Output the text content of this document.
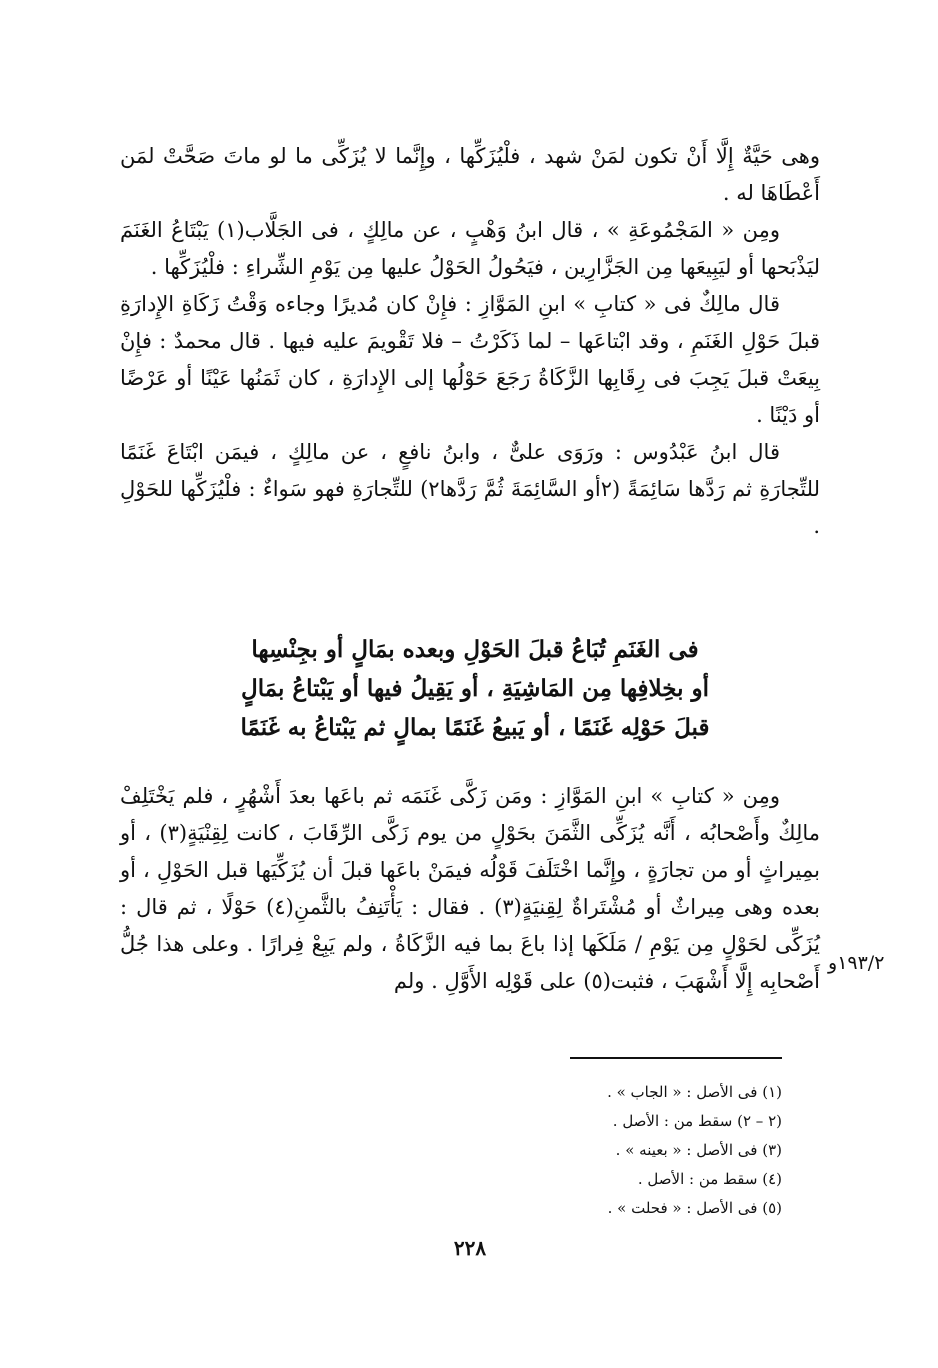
وهى حَيَّةٌ إِلَّا أَنْ تكون لمَنْ شهد ، فلْيُزَكِّها ، وإِنَّما لا يُزَكِّى ما لو ماتَ صَحَّتْ لمَن أَعْطَاهَا له .

ومِن « المَجْمُوعَةِ » ، قال ابنُ وَهْبٍ ، عن مالِكٍ ، فى الجَلَّاب(١) يَبْتَاعُ الغَنَمَ ليَذْبَحها أو ليَبِيعَها مِن الجَزَّارِين ، فيَحُولُ الحَوْلُ عليها مِن يَوْمِ الشِّراءِ : فلْيُزَكِّها .

قال مالِكٌ فى « كتابِ » ابنِ المَوَّازِ : فإِنْ كان مُديرًا وجاءه وَقْتُ زَكَاةِ الإِدارَةِ قبلَ حَوْلِ الغَنَمِ ، وقد ابْتاعَها – لما ذَكَرْتُ – فلا تَقْويمَ عليه فيها . قال محمدٌ : فإِنْ بِيعَتْ قبلَ يَجِبَ فى رِقَابِها الزَّكَاةُ رَجَعَ حَوْلُها إلى الإِدارَةِ ، كان ثَمَنُها عَيْنًا أو عَرْضًا أو دَيْنًا .

قال ابنُ عَبْدُوس : ورَوَى علىٌّ ، وابنُ نافعٍ ، عن مالِكٍ ، فيمَن ابْتَاعَ غَنَمًا للتِّجارَةِ ثم رَدَّها سَائِمَةً (٢أو السَّائِمَةَ ثُمَّ رَدَّها٢) للتِّجارَةِ فهو سَواءٌ : فلْيُزَكِّها للحَوْلِ .

فى الغَنَمِ تُبَاعُ قبلَ الحَوْلِ وبعده بمَالٍ أو بجِنْسِها
أو بخِلافِها مِن المَاشِيَةِ ، أو يَقِيلُ فيها أو يَبْتاعُ بمَالٍ
قبلَ حَوْلِه غَنَمًا ، أو يَبيعُ غَنَمًا بمالٍ ثم يَبْتاعُ به غَنَمًا

ومِن « كتابِ » ابنِ المَوَّازِ : ومَن زَكَّى غَنَمَه ثم باعَها بعدَ أَشْهُرٍ ، فلم يَخْتَلِفْ مالِكٌ وأَصْحابُه ، أَنَّه يُزَكِّى الثَّمَنَ بحَوْلٍ من يوم زَكَّى الرِّقَابَ ، كانت لِقِنْيَةٍ(٣) ، أو بمِيراثٍ أو من تجارَةٍ ، وإِنَّما اخْتَلَفَ قَوْلُه فيمَنْ باعَها قبلَ أن يُزَكِّيَها قبل الحَوْلِ ، أو بعده وهى مِيراثٌ أو مُشْتَراةٌ لِقِنيَةٍ(٣) . فقال : يَأْتَنِفُ بالثَّمنِ(٤) حَوْلًا ، ثم قال : يُزَكِّى لحَوْلٍ مِن يَوْمِ / مَلَكَها إذا باعَ بما فيه الزَّكَاةُ ، ولم يَبِعْ فِرارًا . وعلى هذا جُلُّ أَصْحابِه إِلَّا أَشْهَبَ ، فثبت(٥) على قَوْلِه الأَوَّلِ . ولم

١٩٣/٢و
(١) فى الأصل : « الجاب » .
(٢ – ٢) سقط من : الأصل .
(٣) فى الأصل : « بعينه » .
(٤) سقط من : الأصل .
(٥) فى الأصل : « فحلت » .
٢٢٨
